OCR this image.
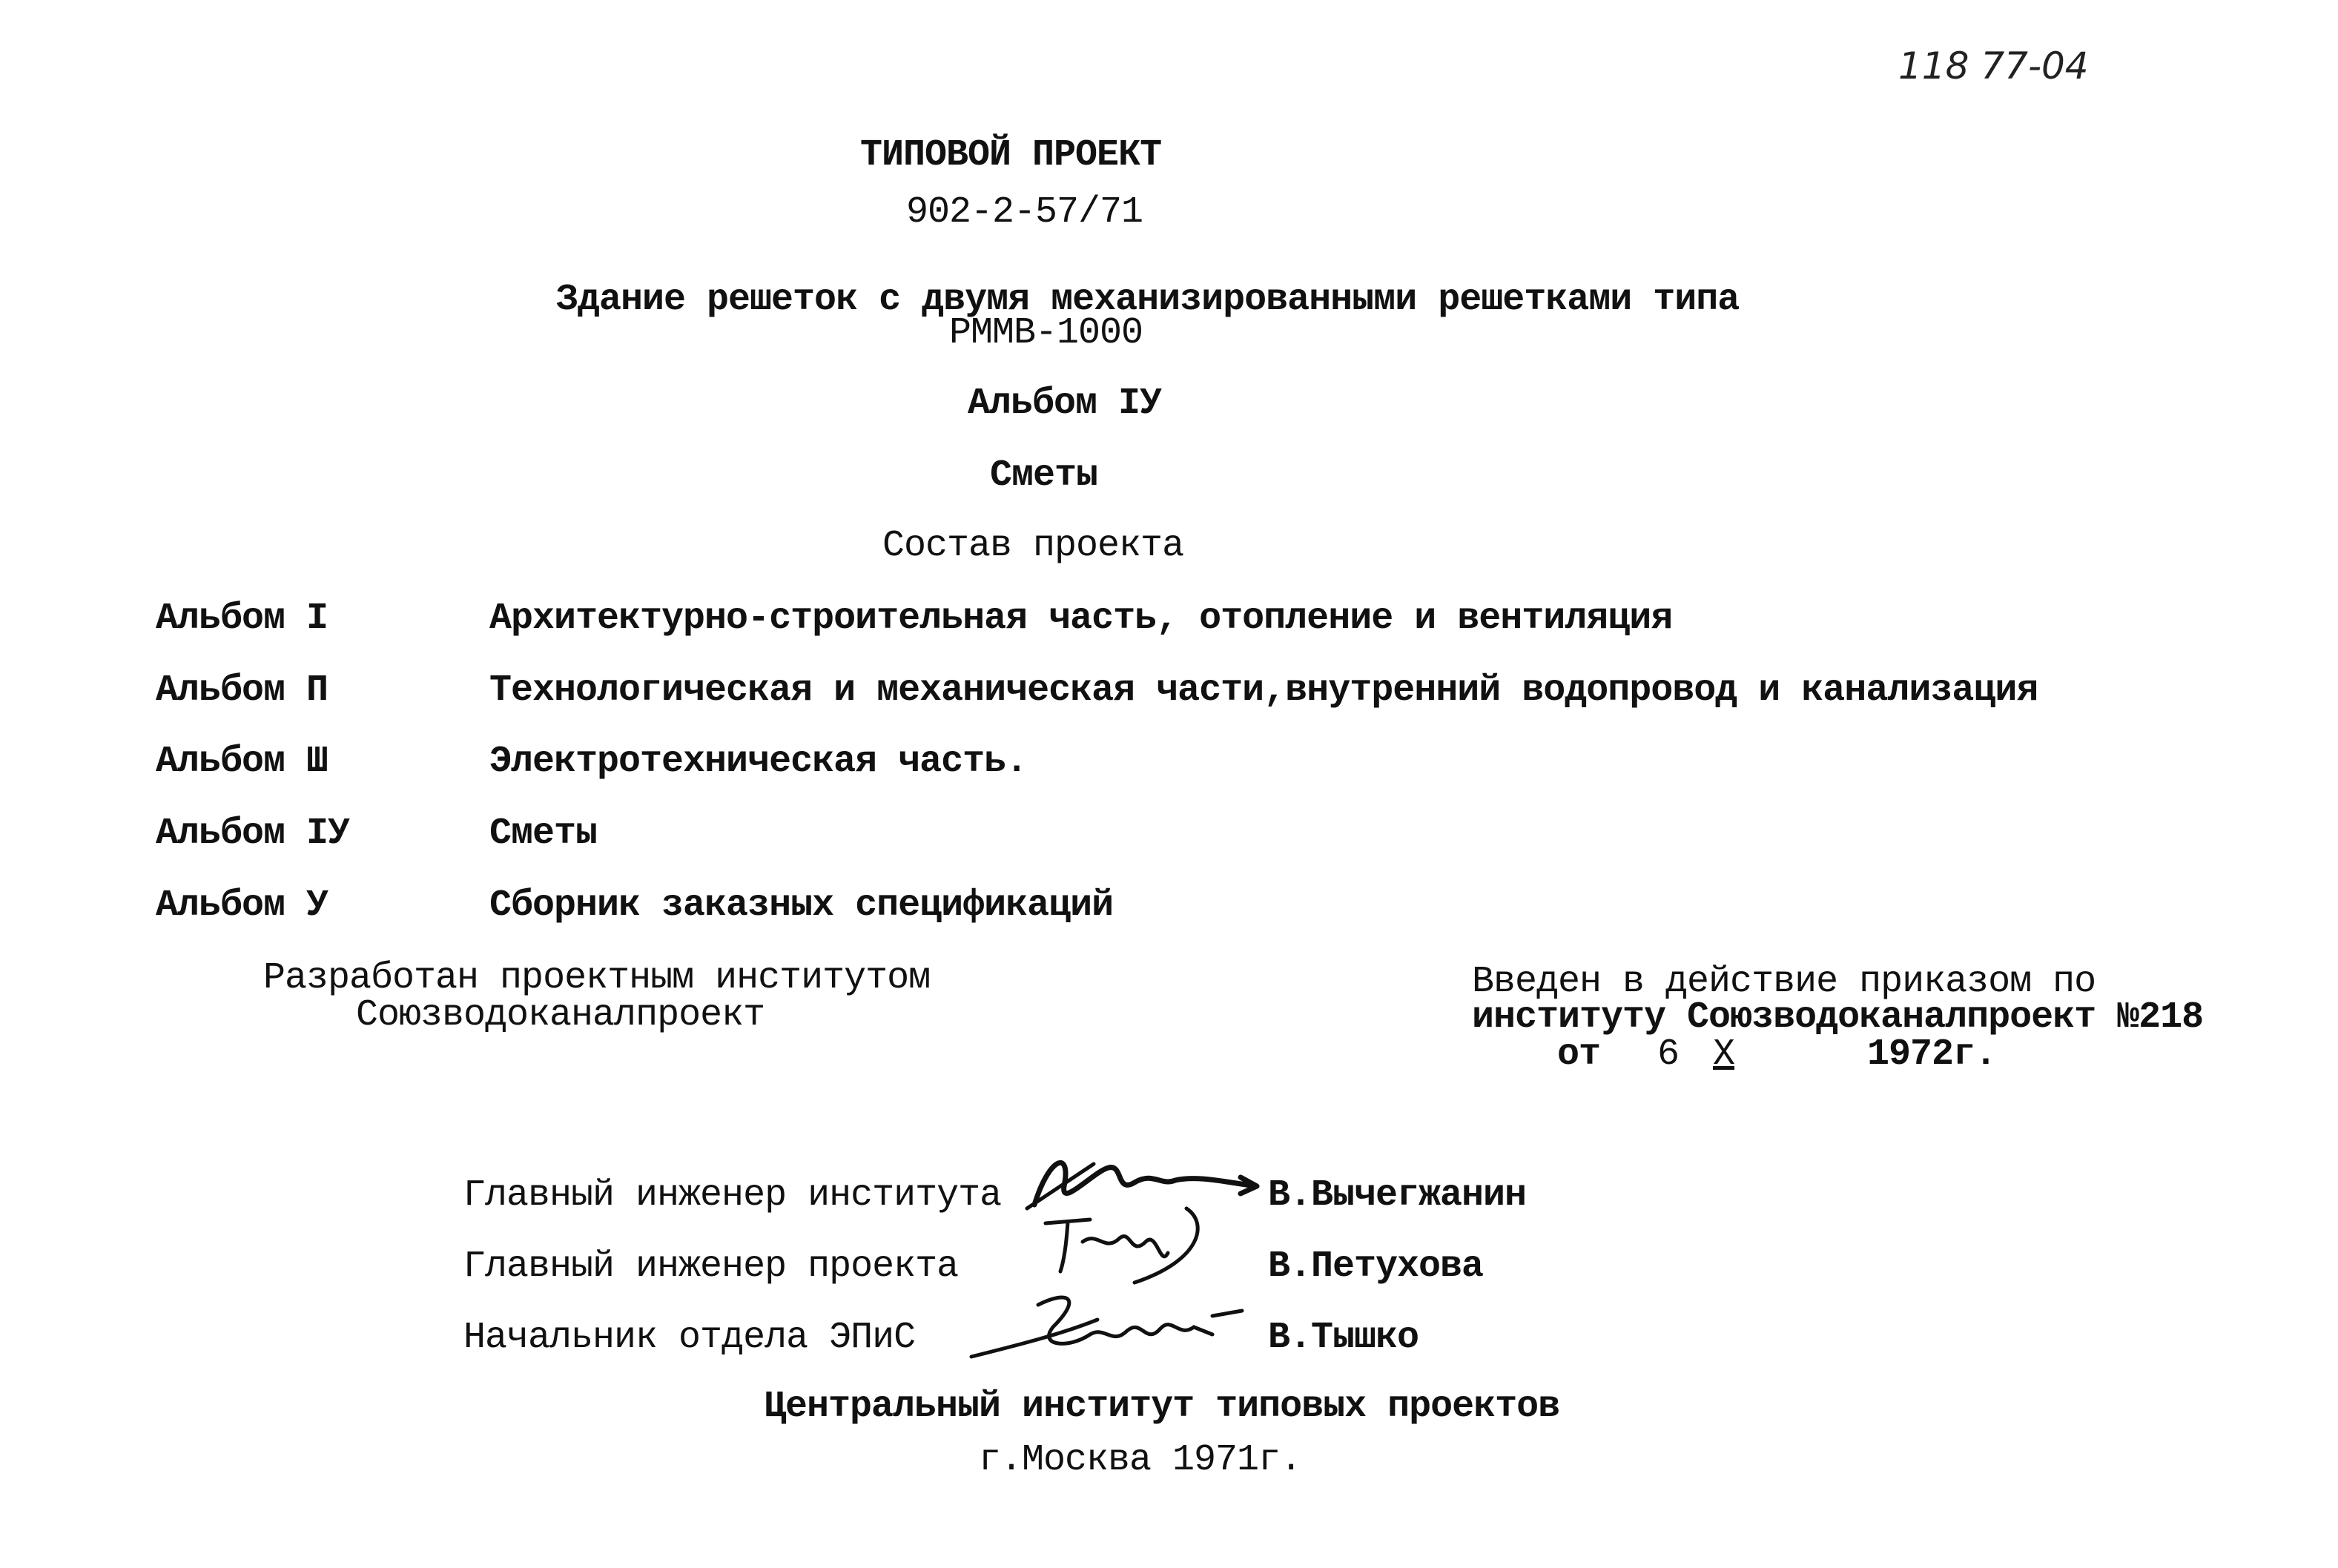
118 77-04
ТИПОВОЙ ПРОЕКТ
902-2-57/71
Здание решеток с двумя механизированными решетками типа
РММВ-1000
Альбом IУ
Сметы
Состав проекта
Альбом I	Архитектурно-строительная часть, отопление и вентиляция
Альбом П	Технологическая и механическая части,внутренний водопровод и канализация
Альбом Ш	Электротехническая часть.
Альбом IУ	Сметы
Альбом У	Сборник заказных спецификаций
Разработан проектным институтом
Союзводоканалпроект
Введен в действие приказом по
институту Союзводоканалпроект №218
от 6 Х	1972г.
Главный инженер института	В.Вычегжанин
Главный инженер проекта	В.Петухова
Начальник отдела ЭПиС	В.Тышко
Центральный институт типовых проектов
г.Москва 1971г.
